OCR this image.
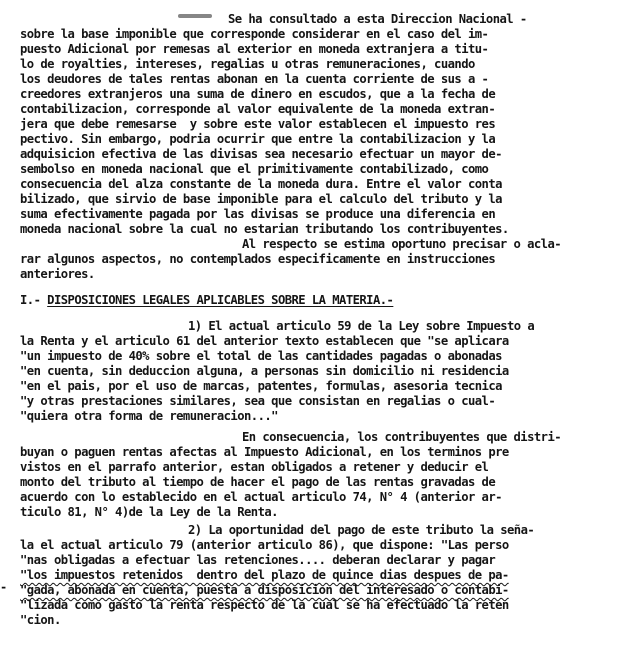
Se ha consultado a esta Direccion Nacional -
sobre la base imponible que corresponde considerar en el caso del im-
puesto Adicional por remesas al exterior en moneda extranjera a titu-
lo de royalties, intereses, regalias u otras remuneraciones, cuando
los deudores de tales rentas abonan en la cuenta corriente de sus a -
creedores extranjeros una suma de dinero en escudos, que a la fecha de
contabilizacion, corresponde al valor equivalente de la moneda extran-
jera que debe remesarse  y sobre este valor establecen el impuesto res
pectivo. Sin embargo, podria ocurrir que entre la contabilizacion y la
adquisicion efectiva de las divisas sea necesario efectuar un mayor de-
sembolso en moneda nacional que el primitivamente contabilizado, como
consecuencia del alza constante de la moneda dura. Entre el valor conta
bilizado, que sirvio de base imponible para el calculo del tributo y la
suma efectivamente pagada por las divisas se produce una diferencia en
moneda nacional sobre la cual no estarian tributando los contribuyentes.
Al respecto se estima oportuno precisar o acla-
rar algunos aspectos, no contemplados especificamente en instrucciones
anteriores.
I.- DISPOSICIONES LEGALES APLICABLES SOBRE LA MATERIA.-
1) El actual articulo 59 de la Ley sobre Impuesto a
la Renta y el articulo 61 del anterior texto establecen que "se aplicara
"un impuesto de 40% sobre el total de las cantidades pagadas o abonadas
"en cuenta, sin deduccion alguna, a personas sin domicilio ni residencia
"en el pais, por el uso de marcas, patentes, formulas, asesoria tecnica
"y otras prestaciones similares, sea que consistan en regalias o cual-
"quiera otra forma de remuneracion..."
En consecuencia, los contribuyentes que distri-
buyan o paguen rentas afectas al Impuesto Adicional, en los terminos pre
vistos en el parrafo anterior, estan obligados a retener y deducir el
monto del tributo al tiempo de hacer el pago de las rentas gravadas de
acuerdo con lo establecido en el actual articulo 74, N° 4 (anterior ar-
ticulo 81, N° 4)de la Ley de la Renta.
2) La oportunidad del pago de este tributo la seña-
la el actual articulo 79 (anterior articulo 86), que dispone: "Las perso
"nas obligadas a efectuar las retenciones.... deberan declarar y pagar
"los impuestos retenidos  dentro del plazo de quince dias despues de pa-
"gada, abonada en cuenta, puesta a disposicion del interesado o contabi-
"lizada como gasto la renta respecto de la cual se ha efectuado la reten
"cion.
-
